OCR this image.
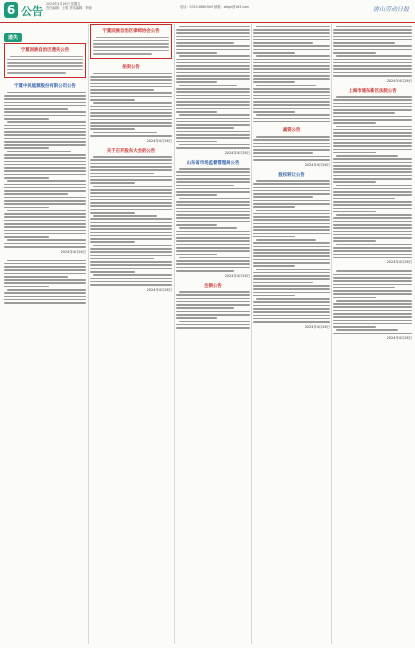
6 公告
2024年4月26日 星期五
责任编辑：王明 美术编辑：李晓	电话：0315-6661900 邮箱：zlbgk@163.com	唐山劳动日报
遗失
宁夏回族自治区遗失公告
宁夏中民能源股份有限公司公告
2024年4月26日
宁夏回族自治区律师协会公告
拍卖公告
2024年4月26日
关于召开股东大会的公告
2024年4月26日
2024年4月26日
山东省市场监督管理局公告
2024年4月26日
注销公告
减资公告
2024年4月26日
股权转让公告
2024年4月26日
2024年4月26日
上海市浦东新区法院公告
2024年4月26日
2024年4月26日
